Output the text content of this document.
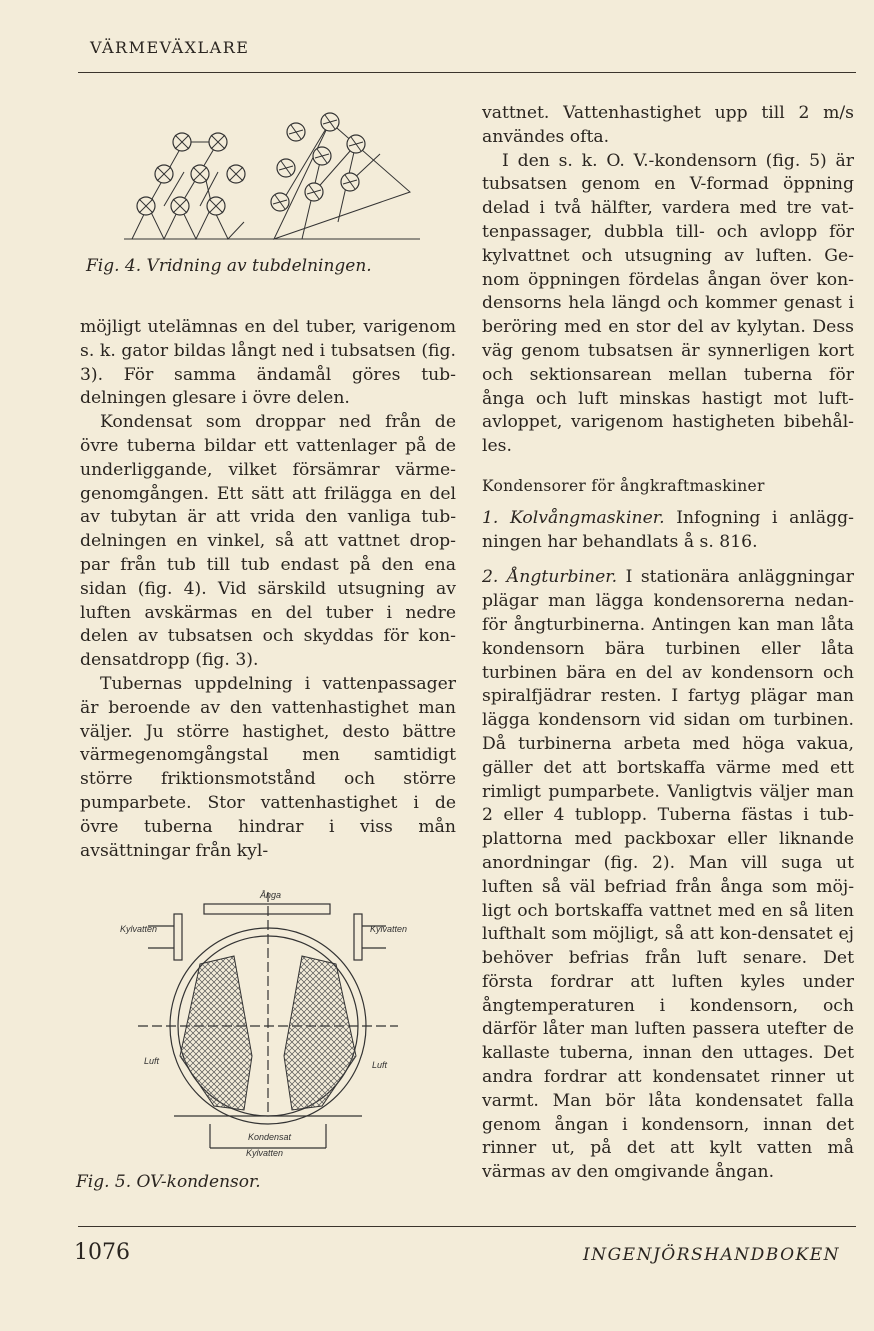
VÄRMEVÄXLARE
Fig. 4. Vridning av tubdelningen.

möjligt utelämnas en del tuber, varigenom s. k. gator bildas långt ned i tubsatsen (fig. 3). För samma ändamål göres tub-delningen glesare i övre delen.

Kondensat som droppar ned från de övre tuberna bildar ett vattenlager på de underliggande, vilket försämrar värme-genomgången. Ett sätt att frilägga en del av tubytan är att vrida den vanliga tub-delningen en vinkel, så att vattnet drop-par från tub till tub endast på den ena sidan (fig. 4). Vid särskild utsugning av luften avskärmas en del tuber i nedre delen av tubsatsen och skyddas för kon-densatdropp (fig. 3).

Tubernas uppdelning i vattenpassager är beroende av den vattenhastighet man väljer. Ju större hastighet, desto bättre värmegenomgångstal men samtidigt större friktionsmotstånd och större pumparbete. Stor vattenhastighet i de övre tuberna hindrar i viss mån avsättningar från kyl-

Ånga
Kylvatten	Kylvatten
Luft	Luft
Kondensat
Kylvatten
Fig. 5. OV-kondensor.

vattnet. Vattenhastighet upp till 2 m/s användes ofta.

I den s. k. O. V.-kondensorn (fig. 5) är tubsatsen genom en V-formad öppning delad i två hälfter, vardera med tre vat-tenpassager, dubbla till- och avlopp för kylvattnet och utsugning av luften. Ge-nom öppningen fördelas ångan över kon-densorns hela längd och kommer genast i beröring med en stor del av kylytan. Dess väg genom tubsatsen är synnerligen kort och sektionsarean mellan tuberna för ånga och luft minskas hastigt mot luft-avloppet, varigenom hastigheten bibehål-les.

Kondensorer för ångkraftmaskiner

1. Kolvångmaskiner. Infogning i anlägg-ningen har behandlats å s. 816.

2. Ångturbiner. I stationära anläggningar plägar man lägga kondensorerna nedan-för ångturbinerna. Antingen kan man låta kondensorn bära turbinen eller låta turbinen bära en del av kondensorn och spiralfjädrar resten. I fartyg plägar man lägga kondensorn vid sidan om turbinen. Då turbinerna arbeta med höga vakua, gäller det att bortskaffa värme med ett rimligt pumparbete. Vanligtvis väljer man 2 eller 4 tublopp. Tuberna fästas i tub-plattorna med packboxar eller liknande anordningar (fig. 2). Man vill suga ut luften så väl befriad från ånga som möj-ligt och bortskaffa vattnet med en så liten lufthalt som möjligt, så att kon-densatet ej behöver befrias från luft senare. Det första fordrar att luften kyles under ångtemperaturen i kondensorn, och därför låter man luften passera utefter de kallaste tuberna, innan den uttages. Det andra fordrar att kondensatet rinner ut varmt. Man bör låta kondensatet falla genom ångan i kondensorn, innan det rinner ut, på det att kylt vatten må värmas av den omgivande ångan.

1076	INGENJÖRSHANDBOKEN
